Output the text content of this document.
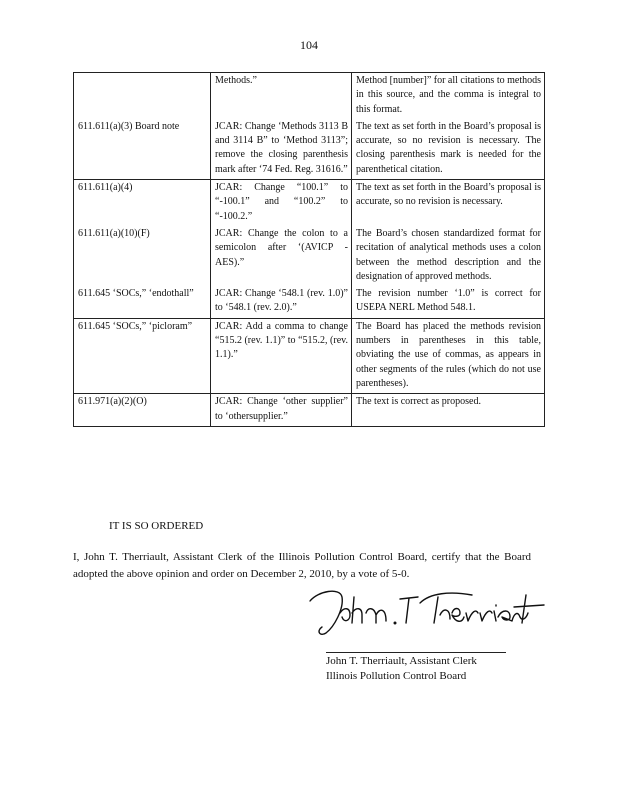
104
	Methods.”	Method [number]” for all citations to methods in this source, and the comma is integral to this format.
611.611(a)(3) Board note	JCAR: Change ‘Methods 3113 B and 3114 B” to ‘Method 3113”; remove the closing parenthesis mark after ‘74 Fed. Reg. 31616.”	The text as set forth in the Board’s proposal is accurate, so no revision is necessary. The closing parenthesis mark is needed for the parenthetical citation.
611.611(a)(4)	JCAR: Change “100.1” to “-100.1” and “100.2” to “-100.2.”	The text as set forth in the Board’s proposal is accurate, so no revision is necessary.
611.611(a)(10)(F)	JCAR: Change the colon to a semicolon after ‘(AVICP -AES).”	The Board’s chosen standardized format for recitation of analytical methods uses a colon between the method description and the designation of approved methods.
611.645 ‘SOCs,” ‘endothall”	JCAR: Change ‘548.1 (rev. 1.0)” to ‘548.1 (rev. 2.0).”	The revision number ‘1.0” is correct for USEPA NERL Method 548.1.
611.645 ‘SOCs,” ‘picloram”	JCAR: Add a comma to change “515.2 (rev. 1.1)” to “515.2, (rev. 1.1).”	The Board has placed the methods revision numbers in parentheses in this table, obviating the use of commas, as appears in other segments of the rules (which do not use parentheses).
611.971(a)(2)(O)	JCAR: Change ‘other supplier” to ‘othersupplier.”	The text is correct as proposed.
IT IS SO ORDERED
I, John T. Therriault, Assistant Clerk of the Illinois Pollution Control Board, certify that the Board adopted the above opinion and order on December 2, 2010, by a vote of 5-0.
John T. Therriault, Assistant Clerk
Illinois Pollution Control Board
